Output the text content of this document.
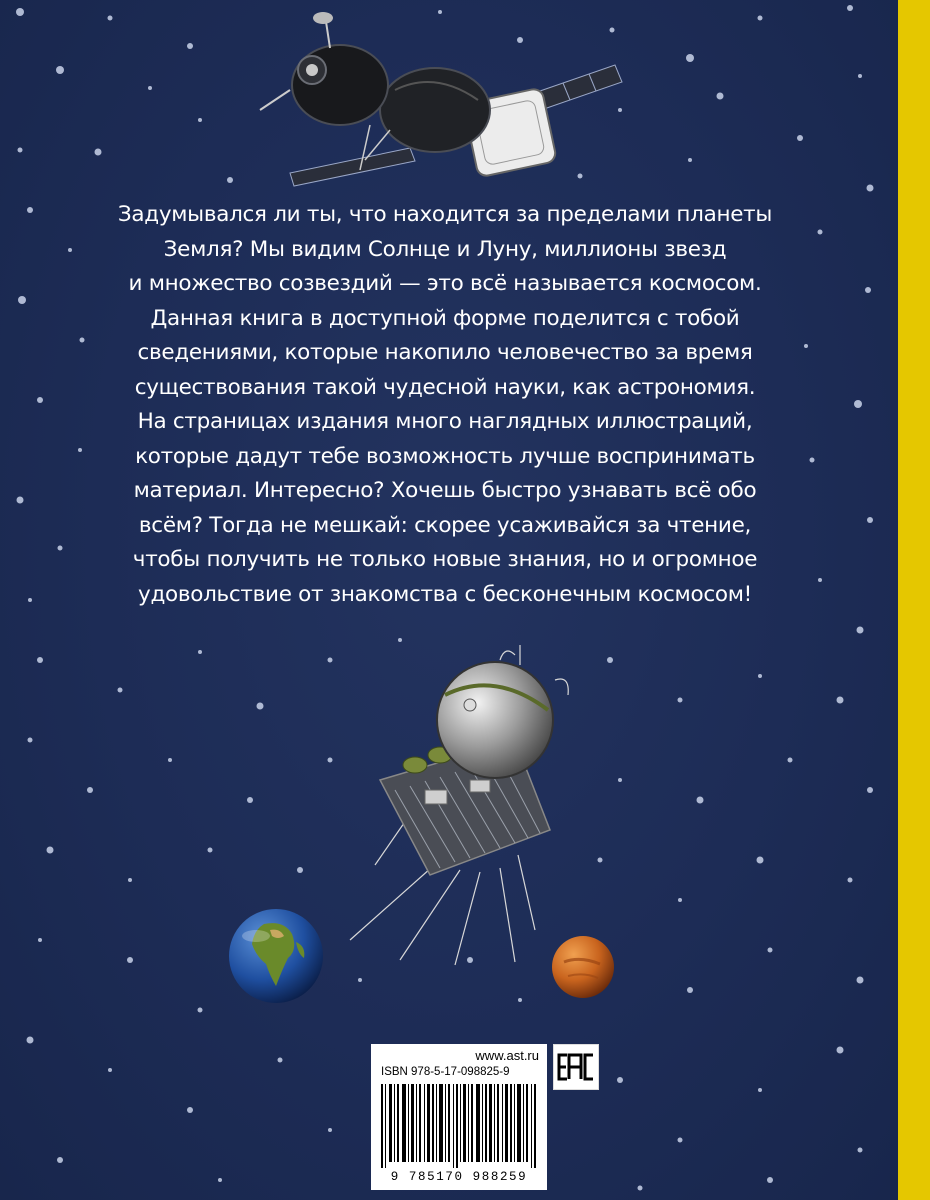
Задумывался ли ты, что находится за пределами планеты
Земля? Мы видим Солнце и Луну, миллионы звезд
и множество созвездий — это всё называется космосом.
Данная книга в доступной форме поделится с тобой
сведениями, которые накопило человечество за время
существования такой чудесной науки, как астрономия.
На страницах издания много наглядных иллюстраций,
которые дадут тебе возможность лучше воспринимать
материал. Интересно? Хочешь быстро узнавать всё обо
всём? Тогда не мешкай: скорее усаживайся за чтение,
чтобы получить не только новые знания, но и огромное
удовольствие от знакомства с бесконечным космосом!
www.ast.ru
ISBN 978-5-17-098825-9
9 785170 988259
